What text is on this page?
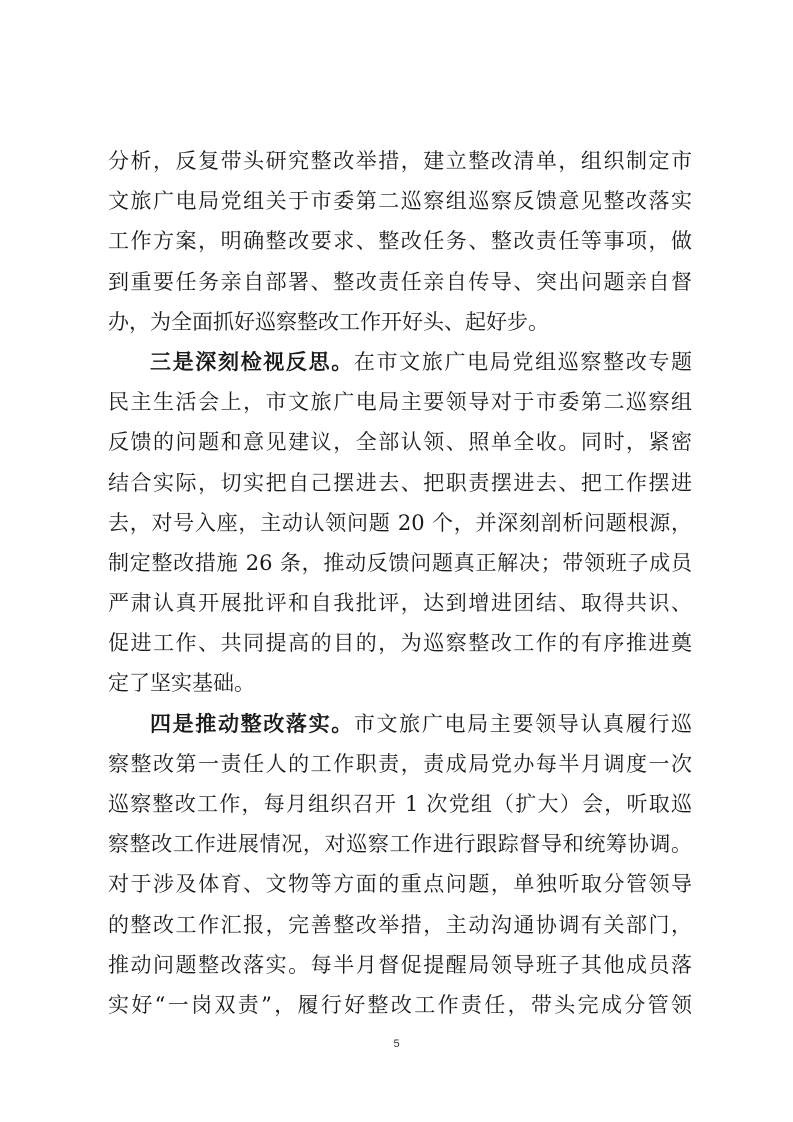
分析，反复带头研究整改举措，建立整改清单，组织制定市
文旅广电局党组关于市委第二巡察组巡察反馈意见整改落实
工作方案，明确整改要求、整改任务、整改责任等事项，做
到重要任务亲自部署、整改责任亲自传导、突出问题亲自督
办，为全面抓好巡察整改工作开好头、起好步。
三是深刻检视反思。在市文旅广电局党组巡察整改专题
民主生活会上，市文旅广电局主要领导对于市委第二巡察组
反馈的问题和意见建议，全部认领、照单全收。同时，紧密
结合实际，切实把自己摆进去、把职责摆进去、把工作摆进
去，对号入座，主动认领问题 20 个，并深刻剖析问题根源，
制定整改措施 26 条，推动反馈问题真正解决；带领班子成员
严肃认真开展批评和自我批评，达到增进团结、取得共识、
促进工作、共同提高的目的，为巡察整改工作的有序推进奠
定了坚实基础。
四是推动整改落实。市文旅广电局主要领导认真履行巡
察整改第一责任人的工作职责，责成局党办每半月调度一次
巡察整改工作，每月组织召开 1 次党组（扩大）会，听取巡
察整改工作进展情况，对巡察工作进行跟踪督导和统筹协调。
对于涉及体育、文物等方面的重点问题，单独听取分管领导
的整改工作汇报，完善整改举措，主动沟通协调有关部门，
推动问题整改落实。每半月督促提醒局领导班子其他成员落
实好“一岗双责”，履行好整改工作责任，带头完成分管领
5
